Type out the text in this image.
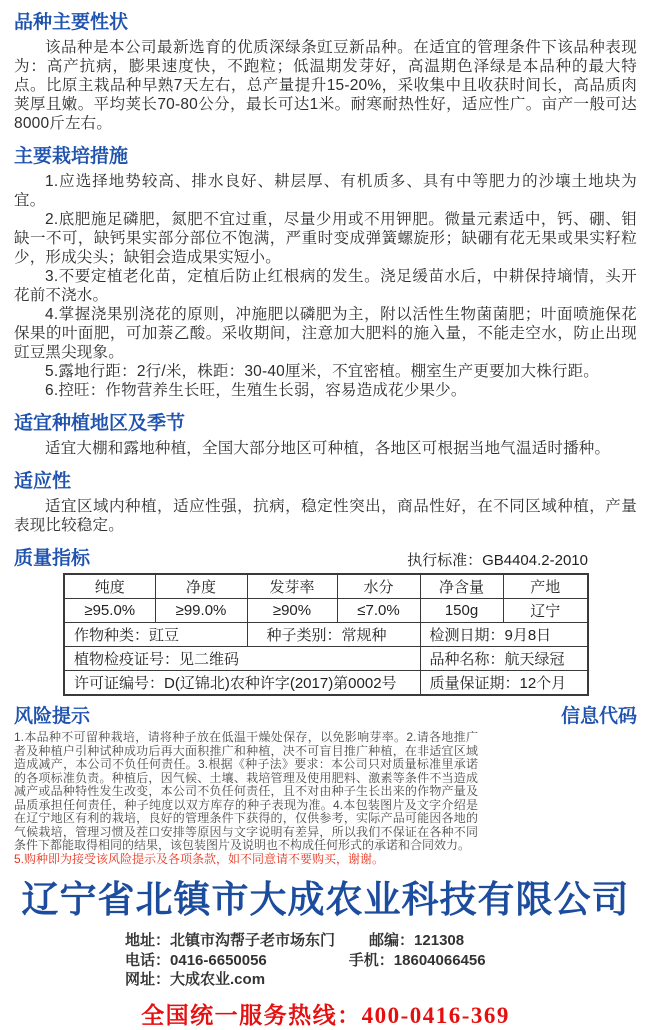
品种主要性状

该品种是本公司最新选育的优质深绿条豇豆新品种。在适宜的管理条件下该品种表现为：高产抗病，膨果速度快，不跑粒；低温期发芽好，高温期色泽绿是本品种的最大特点。比原主栽品种早熟7天左右，总产量提升15-20%，采收集中且收获时间长，高品质肉荚厚且嫩。平均荚长70-80公分，最长可达1米。耐寒耐热性好，适应性广。亩产一般可达8000斤左右。

主要栽培措施

1.应选择地势较高、排水良好、耕层厚、有机质多、具有中等肥力的沙壤土地块为宜。

2.底肥施足磷肥，氮肥不宜过重，尽量少用或不用钾肥。微量元素适中，钙、硼、钼缺一不可，缺钙果实部分部位不饱满，严重时变成弹簧螺旋形；缺硼有花无果或果实籽粒少，形成尖头；缺钼会造成果实短小。

3.不要定植老化苗，定植后防止红根病的发生。浇足缓苗水后，中耕保持墒情，头开花前不浇水。

4.掌握浇果别浇花的原则，冲施肥以磷肥为主，附以活性生物菌菌肥；叶面喷施保花保果的叶面肥，可加萘乙酸。采收期间，注意加大肥料的施入量，不能走空水，防止出现豇豆黑尖现象。

5.露地行距：2行/米，株距：30-40厘米，不宜密植。棚室生产更要加大株行距。

6.控旺：作物营养生长旺，生殖生长弱，容易造成花少果少。

适宜种植地区及季节

适宜大棚和露地种植，全国大部分地区可种植，各地区可根据当地气温适时播种。

适应性

适宜区域内种植，适应性强，抗病，稳定性突出，商品性好，在不同区域种植，产量表现比较稳定。

质量指标	执行标准：GB4404.2-2010
纯度	净度	发芽率	水分	净含量	产地
≥95.0%	≥99.0%	≥90%	≤7.0%	150g	辽宁
作物种类：豇豆		种子类别：常规种		检测日期：9月8日	
植物检疫证号：见二维码				品种名称：航天绿冠	
许可证编号：D(辽锦北)农种许字(2017)第0002号				质量保证期：12个月	
风险提示	信息代码

1.本品种不可留种栽培，请将种子放在低温干燥处保存，以免影响芽率。2.请各地推广者及种植户引种试种成功后再大面积推广和种植，决不可盲目推广种植，在非适宜区域造成减产，本公司不负任何责任。3.根据《种子法》要求：本公司只对质量标准里承诺的各项标准负责。种植后，因气候、土壤、栽培管理及使用肥料、激素等条件不当造成减产或品种特性发生改变，本公司不负任何责任，且不对由种子生长出来的作物产量及品质承担任何责任，种子纯度以双方库存的种子表现为准。4.本包装图片及文字介绍是在辽宁地区有利的栽培，良好的管理条件下获得的，仅供参考，实际产品可能因各地的气候栽培，管理习惯及茬口安排等原因与文字说明有差异，所以我们不保证在各种不同条件下都能取得相同的结果，该包装图片及说明也不构成任何形式的承诺和合同效力。

5.购种即为接受该风险提示及各项条款，如不同意请不要购买，谢谢。

辽宁省北镇市大成农业科技有限公司
地址：北镇市沟帮子老市场东门 邮编：121308
电话：0416-6650056	手机：18604066456
网址：大成农业.com
全国统一服务热线：400-0416-369
